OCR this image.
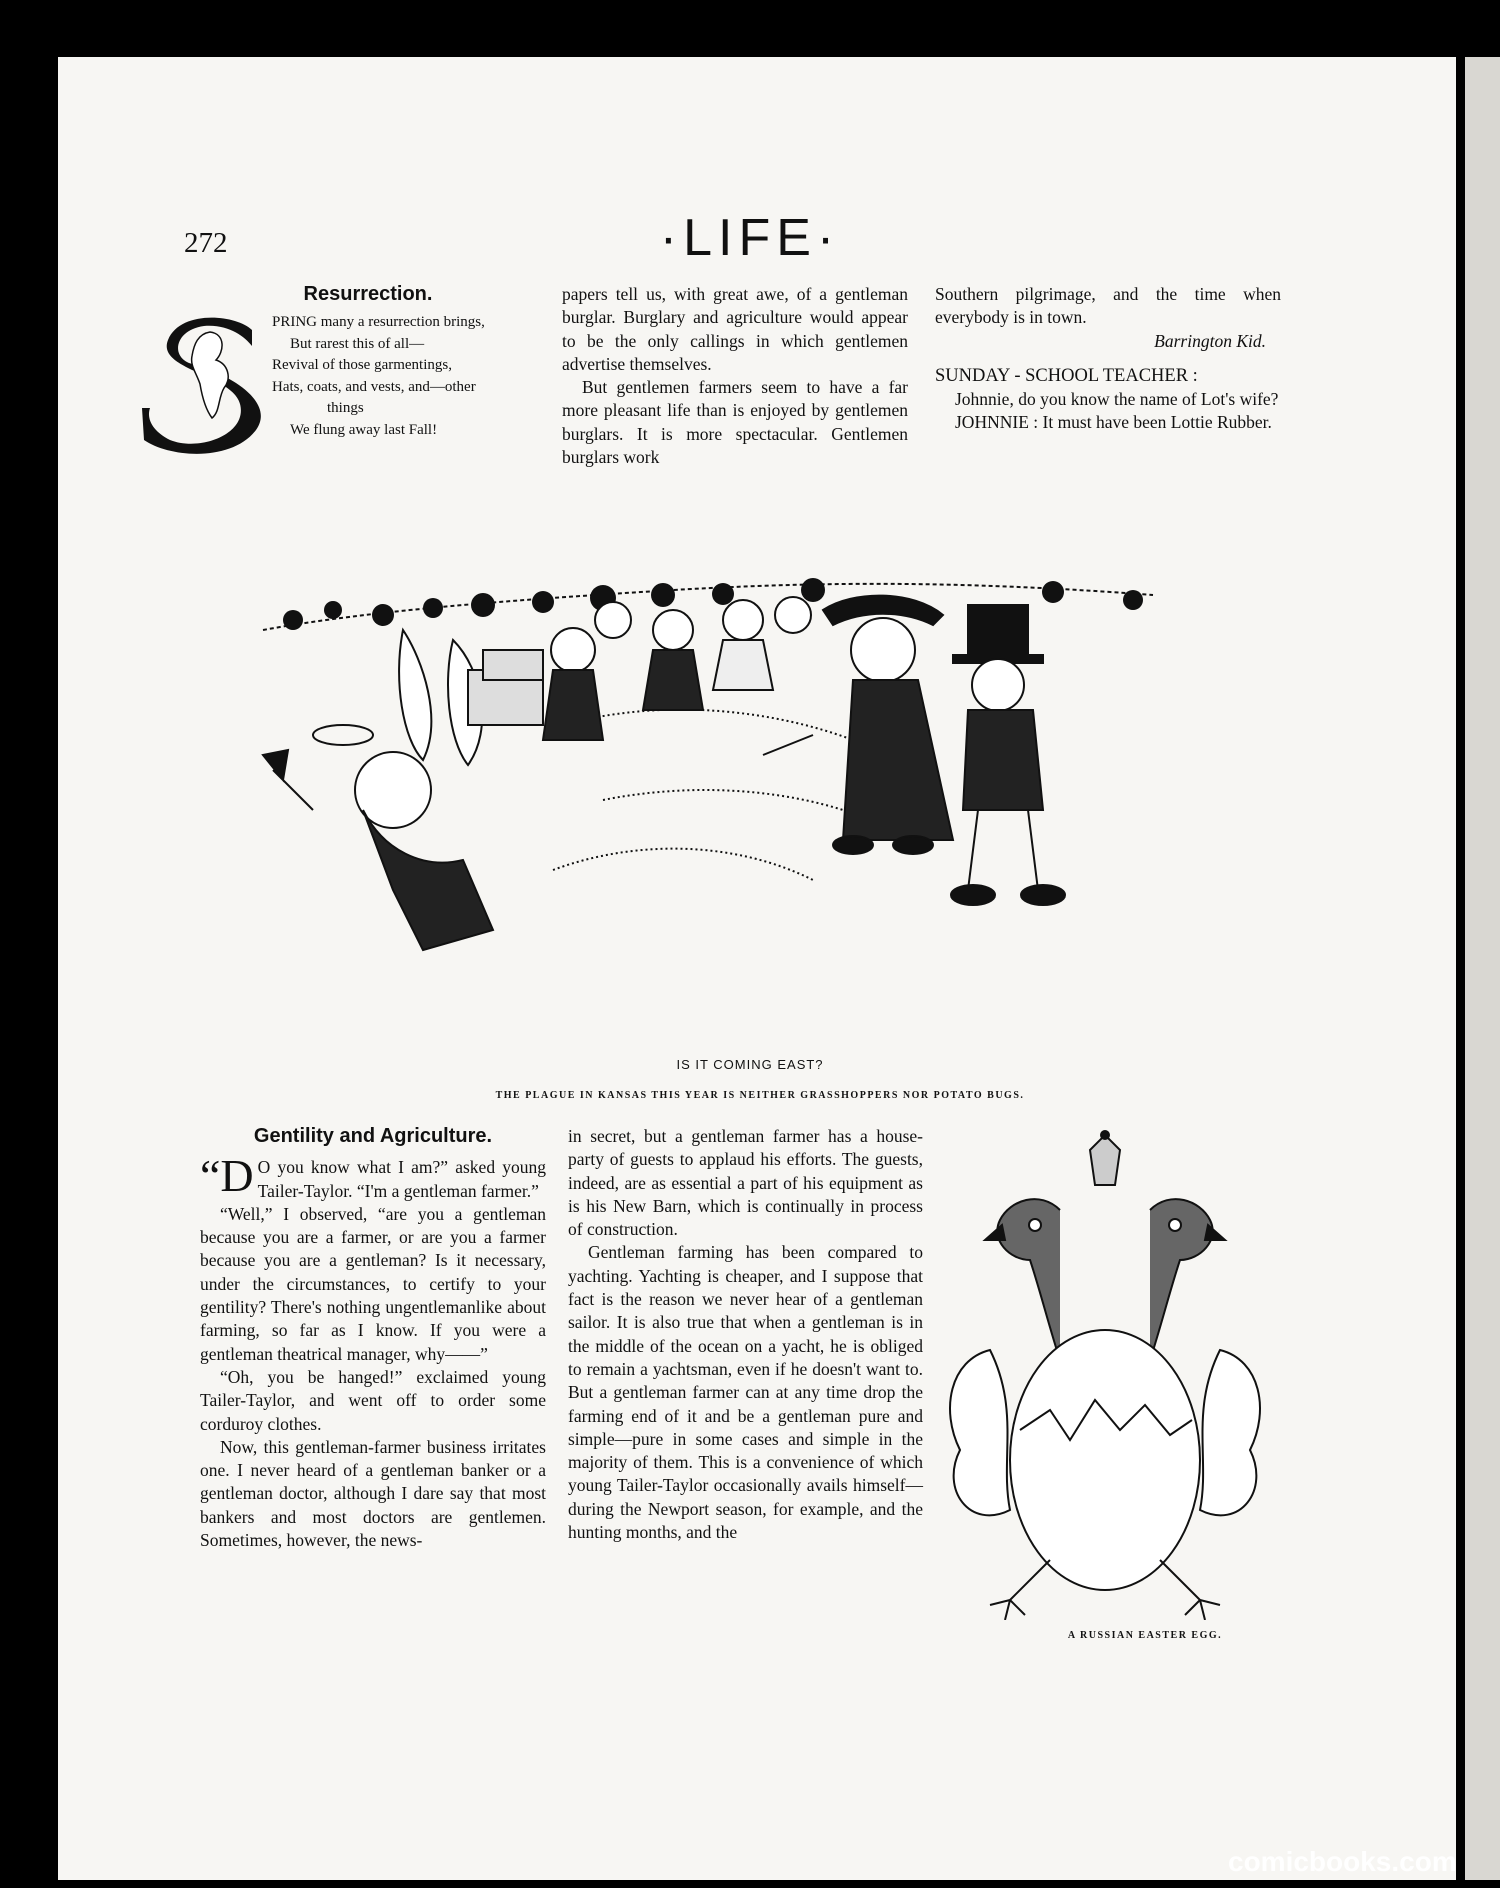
272	·LIFE·
Resurrection.
PRING many a resurrection brings,
But rarest this of all—
Revival of those garmentings,
Hats, coats, and vests, and—other
things
We flung away last Fall!

papers tell us, with great awe, of a gentleman burglar. Burglary and agriculture would appear to be the only callings in which gentlemen advertise themselves.

But gentlemen farmers seem to have a far more pleasant life than is enjoyed by gentlemen burglars. It is more spectacular. Gentlemen burglars work

Southern pilgrimage, and the time when everybody is in town.

Barrington Kid.

SUNDAY - SCHOOL TEACHER :

Johnnie, do you know the name of Lot's wife?

JOHNNIE : It must have been Lottie Rubber.

IS IT COMING EAST?
THE PLAGUE IN KANSAS THIS YEAR IS NEITHER GRASSHOPPERS NOR POTATO BUGS.
Gentility and Agriculture.

“D O you know what I am?” asked young Tailer-Taylor. “I'm a gentleman farmer.”

“Well,” I observed, “are you a gentleman because you are a farmer, or are you a farmer because you are a gentleman? Is it necessary, under the circumstances, to certify to your gentility? There's nothing ungentlemanlike about farming, so far as I know. If you were a gentleman theatrical manager, why——”

“Oh, you be hanged!” exclaimed young Tailer-Taylor, and went off to order some corduroy clothes.

Now, this gentleman-farmer business irritates one. I never heard of a gentleman banker or a gentleman doctor, although I dare say that most bankers and most doctors are gentlemen. Sometimes, however, the news-

in secret, but a gentleman farmer has a house-party of guests to applaud his efforts. The guests, indeed, are as essential a part of his equipment as is his New Barn, which is continually in process of construction.

Gentleman farming has been compared to yachting. Yachting is cheaper, and I suppose that fact is the reason we never hear of a gentleman sailor. It is also true that when a gentleman is in the middle of the ocean on a yacht, he is obliged to remain a yachtsman, even if he doesn't want to. But a gentleman farmer can at any time drop the farming end of it and be a gentleman pure and simple—pure in some cases and simple in the majority of them. This is a convenience of which young Tailer-Taylor occasionally avails himself—during the Newport season, for example, and the hunting months, and the

A RUSSIAN EASTER EGG.
comicbooks.com
